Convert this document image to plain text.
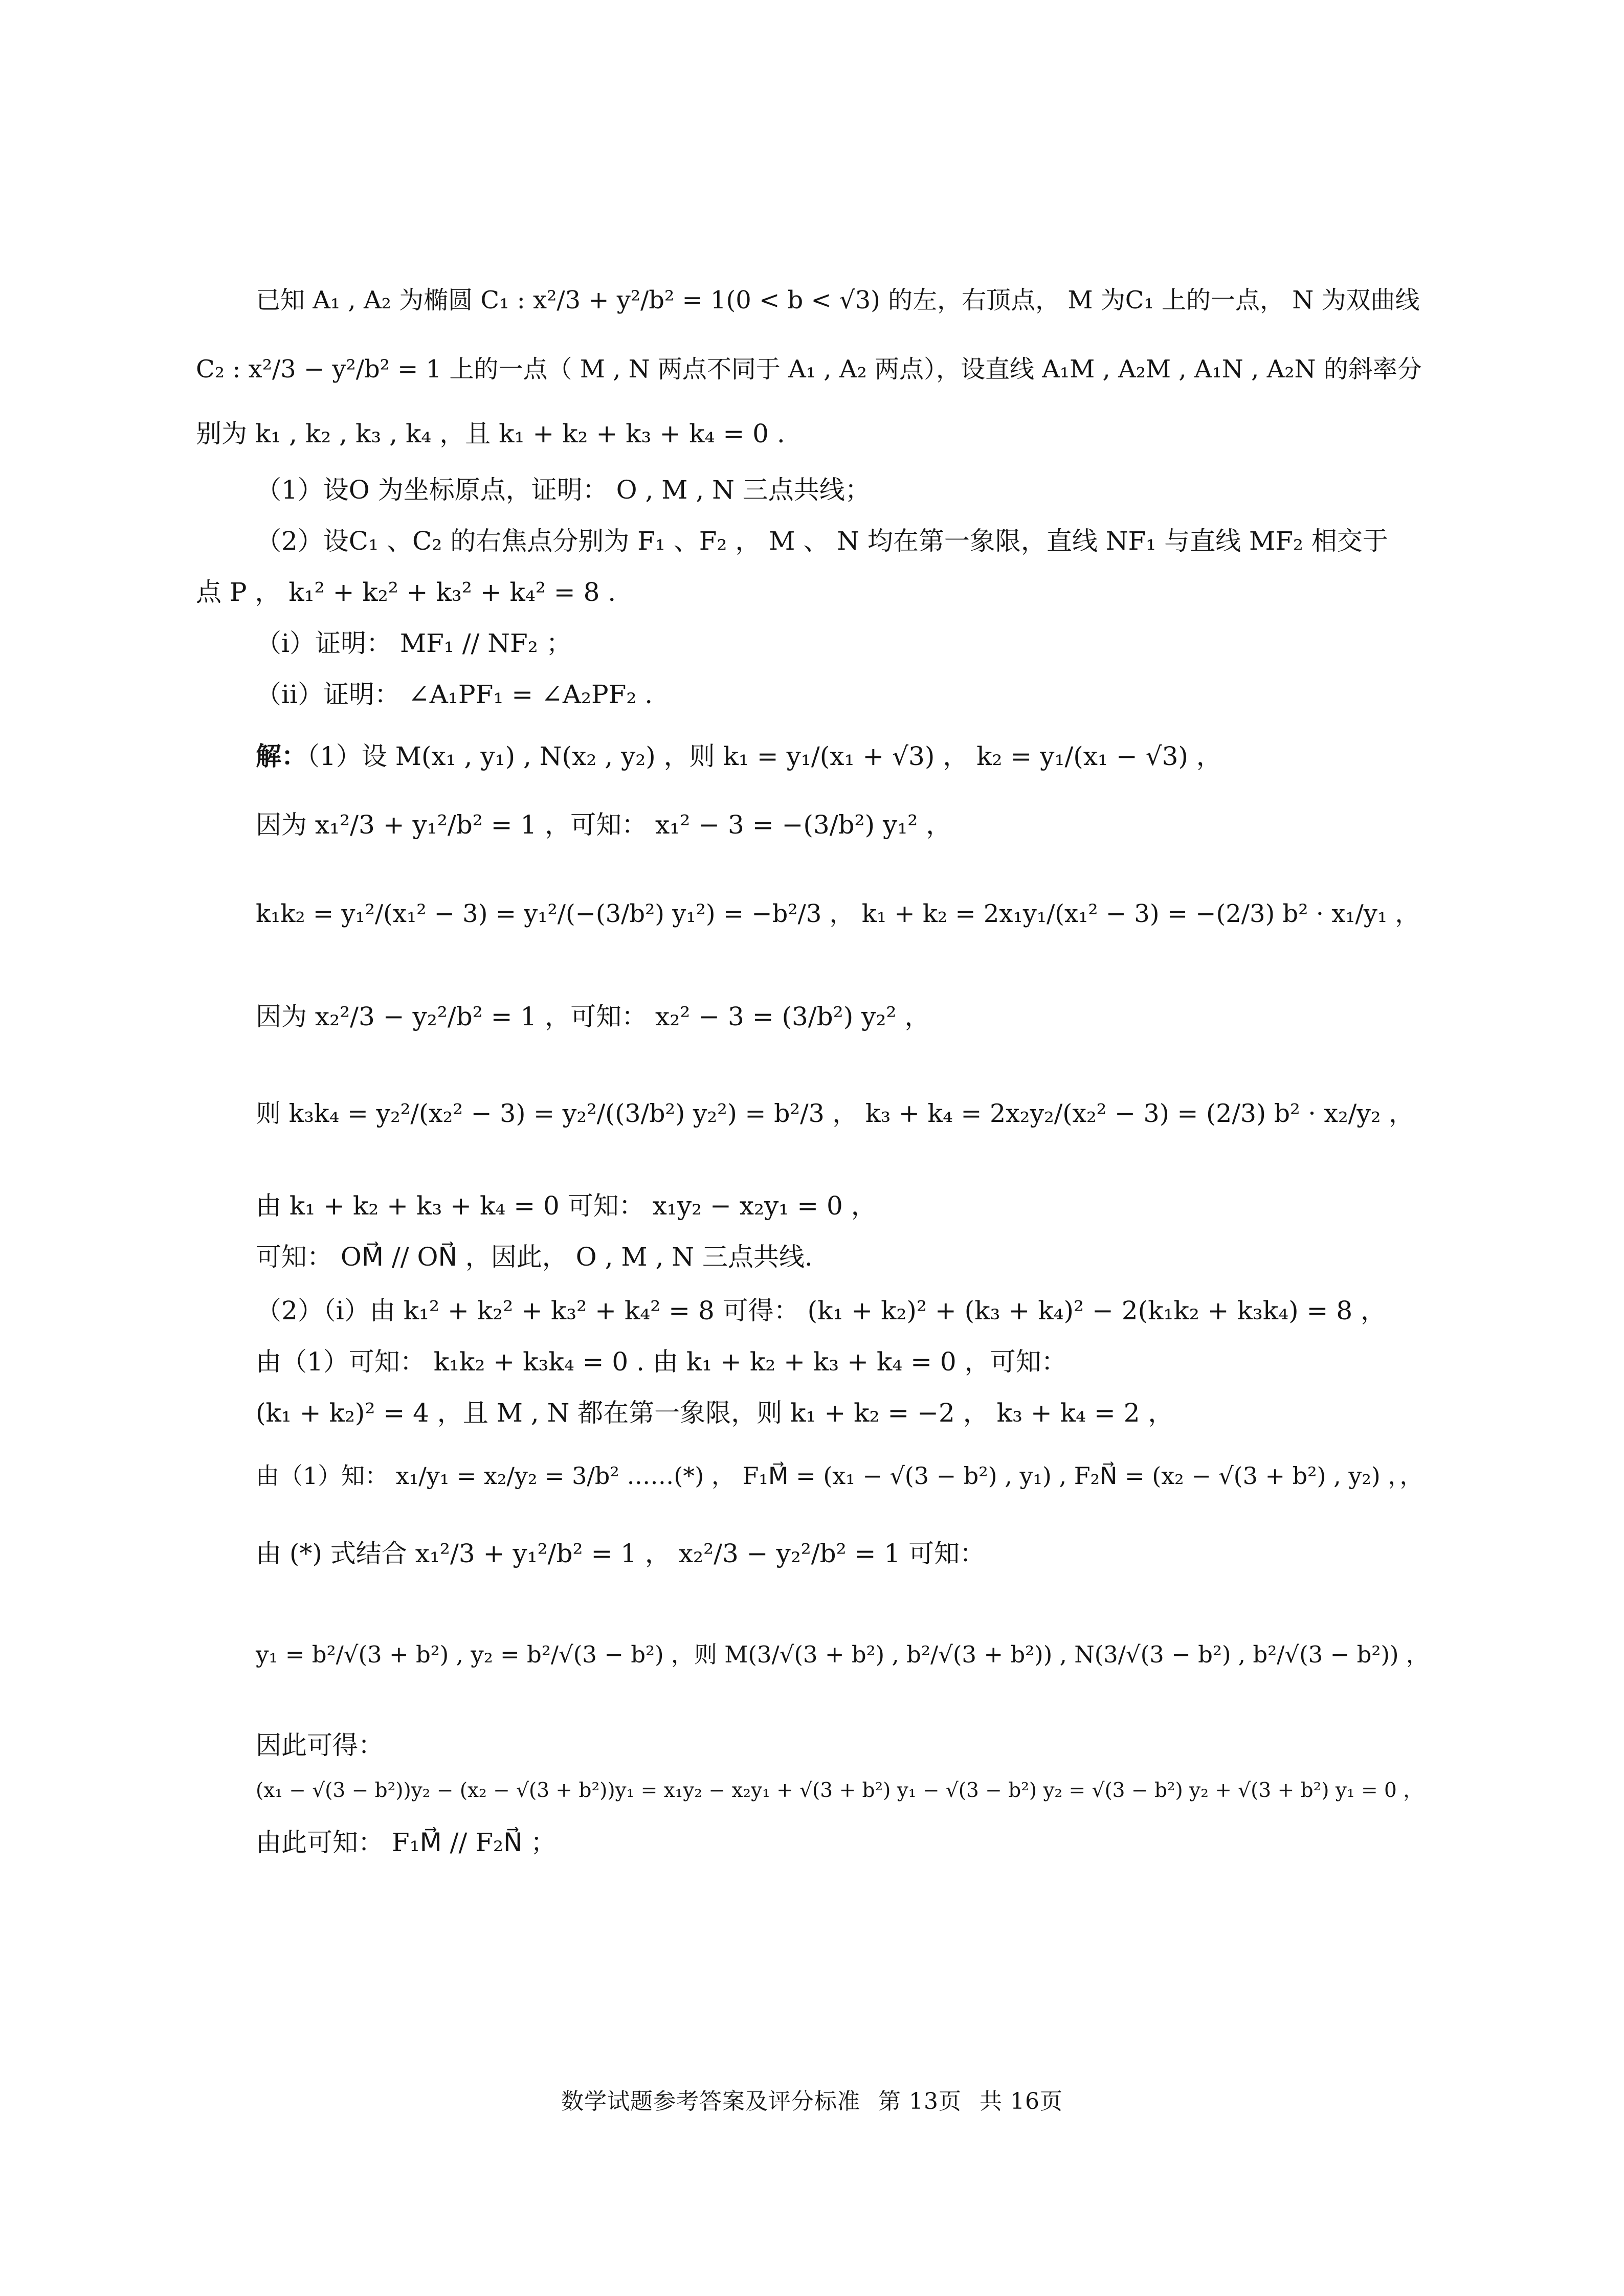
已知 A₁ , A₂ 为椭圆 C₁ : x²/3 + y²/b² = 1(0 < b < √3) 的左，右顶点， M 为C₁ 上的一点， N 为双曲线
C₂ : x²/3 − y²/b² = 1 上的一点（ M , N 两点不同于 A₁ , A₂ 两点），设直线 A₁M , A₂M , A₁N , A₂N 的斜率分
别为 k₁ , k₂ , k₃ , k₄ ，且 k₁ + k₂ + k₃ + k₄ = 0 .
（1）设O 为坐标原点，证明： O , M , N 三点共线；
（2）设C₁ 、C₂ 的右焦点分别为 F₁ 、F₂ ， M 、 N 均在第一象限，直线 NF₁ 与直线 MF₂ 相交于
点 P ， k₁² + k₂² + k₃² + k₄² = 8 .
（i）证明： MF₁ // NF₂ ；
（ii）证明： ∠A₁PF₁ = ∠A₂PF₂ .
解：（1）设 M(x₁ , y₁) , N(x₂ , y₂) ，则 k₁ = y₁/(x₁ + √3) ， k₂ = y₁/(x₁ − √3) ，
因为 x₁²/3 + y₁²/b² = 1 ，可知： x₁² − 3 = −(3/b²) y₁² ，
k₁k₂ = y₁²/(x₁² − 3) = y₁²/(−(3/b²) y₁²) = −b²/3 ， k₁ + k₂ = 2x₁y₁/(x₁² − 3) = −(2/3) b² · x₁/y₁ ，
因为 x₂²/3 − y₂²/b² = 1 ，可知： x₂² − 3 = (3/b²) y₂² ，
则 k₃k₄ = y₂²/(x₂² − 3) = y₂²/((3/b²) y₂²) = b²/3 ， k₃ + k₄ = 2x₂y₂/(x₂² − 3) = (2/3) b² · x₂/y₂ ，
由 k₁ + k₂ + k₃ + k₄ = 0 可知： x₁y₂ − x₂y₁ = 0 ，
可知： OM⃗ // ON⃗ ，因此， O , M , N 三点共线.
（2）（i）由 k₁² + k₂² + k₃² + k₄² = 8 可得： (k₁ + k₂)² + (k₃ + k₄)² − 2(k₁k₂ + k₃k₄) = 8 ，
由（1）可知： k₁k₂ + k₃k₄ = 0 . 由 k₁ + k₂ + k₃ + k₄ = 0 ，可知：
(k₁ + k₂)² = 4 ，且 M , N 都在第一象限，则 k₁ + k₂ = −2 ， k₃ + k₄ = 2 ，
由（1）知： x₁/y₁ = x₂/y₂ = 3/b² ……(*) ， F₁M⃗ = (x₁ − √(3 − b²) , y₁) , F₂N⃗ = (x₂ − √(3 + b²) , y₂) ，，
由 (*) 式结合 x₁²/3 + y₁²/b² = 1 ， x₂²/3 − y₂²/b² = 1 可知：
y₁ = b²/√(3 + b²) , y₂ = b²/√(3 − b²) ，则 M(3/√(3 + b²) , b²/√(3 + b²)) , N(3/√(3 − b²) , b²/√(3 − b²)) ，
因此可得：
(x₁ − √(3 − b²))y₂ − (x₂ − √(3 + b²))y₁ = x₁y₂ − x₂y₁ + √(3 + b²) y₁ − √(3 − b²) y₂ = √(3 − b²) y₂ + √(3 + b²) y₁ = 0 ，
由此可知： F₁M⃗ // F₂N⃗ ；
数学试题参考答案及评分标准 第 13页 共 16页
